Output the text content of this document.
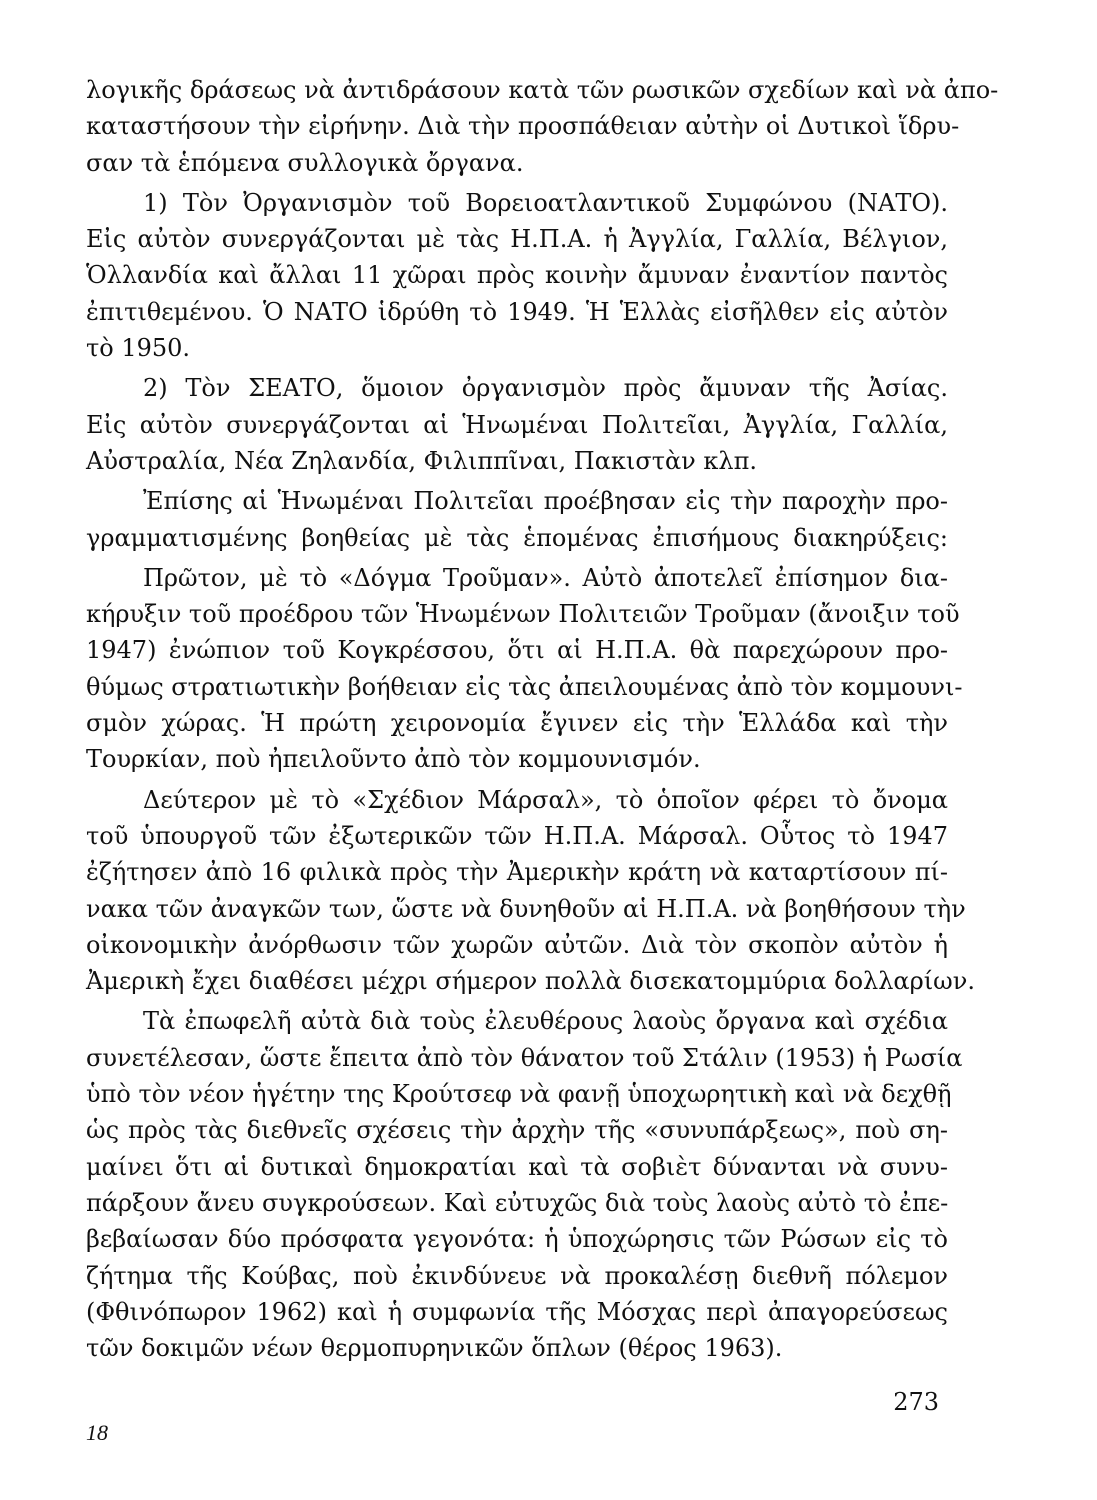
λογικῆς δράσεως νὰ ἀντιδράσουν κατὰ τῶν ρωσικῶν σχεδίων καὶ νὰ ἀπο-
καταστήσουν τὴν εἰρήνην. Διὰ τὴν προσπάθειαν αὐτὴν οἱ Δυτικοὶ ἵδρυ-
σαν τὰ ἑπόμενα συλλογικὰ ὄργανα.
1) Τὸν Ὀργανισμὸν τοῦ Βορειοατλαντικοῦ Συμφώνου (ΝΑΤΟ).
Εἰς αὐτὸν συνεργάζονται μὲ τὰς Η.Π.Α. ἡ Ἀγγλία, Γαλλία, Βέλγιον,
Ὁλλανδία καὶ ἄλλαι 11 χῶραι πρὸς κοινὴν ἄμυναν ἐναντίον παντὸς
ἐπιτιθεμένου. Ὁ ΝΑΤΟ ἱδρύθη τὸ 1949. Ἡ Ἑλλὰς εἰσῆλθεν εἰς αὐτὸν
τὸ 1950.
2) Τὸν ΣΕΑΤΟ, ὅμοιον ὀργανισμὸν πρὸς ἄμυναν τῆς Ἀσίας.
Εἰς αὐτὸν συνεργάζονται αἱ Ἡνωμέναι Πολιτεῖαι, Ἀγγλία, Γαλλία,
Αὐστραλία, Νέα Ζηλανδία, Φιλιππῖναι, Πακιστὰν κλπ.
Ἐπίσης αἱ Ἡνωμέναι Πολιτεῖαι προέβησαν εἰς τὴν παροχὴν προ-
γραμματισμένης βοηθείας μὲ τὰς ἑπομένας ἐπισήμους διακηρύξεις:
Πρῶτον, μὲ τὸ «Δόγμα Τροῦμαν». Αὐτὸ ἀποτελεῖ ἐπίσημον δια-
κήρυξιν τοῦ προέδρου τῶν Ἡνωμένων Πολιτειῶν Τροῦμαν (ἄνοιξιν τοῦ
1947) ἐνώπιον τοῦ Κογκρέσσου, ὅτι αἱ Η.Π.Α. θὰ παρεχώρουν προ-
θύμως στρατιωτικὴν βοήθειαν εἰς τὰς ἀπειλουμένας ἀπὸ τὸν κομμουνι-
σμὸν χώρας. Ἡ πρώτη χειρονομία ἔγινεν εἰς τὴν Ἑλλάδα καὶ τὴν
Τουρκίαν, ποὺ ἠπειλοῦντο ἀπὸ τὸν κομμουνισμόν.
Δεύτερον μὲ τὸ «Σχέδιον Μάρσαλ», τὸ ὁποῖον φέρει τὸ ὄνομα
τοῦ ὑπουργοῦ τῶν ἐξωτερικῶν τῶν Η.Π.Α. Μάρσαλ. Οὗτος τὸ 1947
ἐζήτησεν ἀπὸ 16 φιλικὰ πρὸς τὴν Ἀμερικὴν κράτη νὰ καταρτίσουν πί-
νακα τῶν ἀναγκῶν των, ὥστε νὰ δυνηθοῦν αἱ Η.Π.Α. νὰ βοηθήσουν τὴν
οἰκονομικὴν ἀνόρθωσιν τῶν χωρῶν αὐτῶν. Διὰ τὸν σκοπὸν αὐτὸν ἡ
Ἀμερικὴ ἔχει διαθέσει μέχρι σήμερον πολλὰ δισεκατομμύρια δολλαρίων.
Τὰ ἐπωφελῆ αὐτὰ διὰ τοὺς ἐλευθέρους λαοὺς ὄργανα καὶ σχέδια
συνετέλεσαν, ὥστε ἔπειτα ἀπὸ τὸν θάνατον τοῦ Στάλιν (1953) ἡ Ρωσία
ὑπὸ τὸν νέον ἡγέτην της Κρούτσεφ νὰ φανῇ ὑποχωρητικὴ καὶ νὰ δεχθῇ
ὡς πρὸς τὰς διεθνεῖς σχέσεις τὴν ἀρχὴν τῆς «συνυπάρξεως», ποὺ ση-
μαίνει ὅτι αἱ δυτικαὶ δημοκρατίαι καὶ τὰ σοβιὲτ δύνανται νὰ συνυ-
πάρξουν ἄνευ συγκρούσεων. Καὶ εὐτυχῶς διὰ τοὺς λαοὺς αὐτὸ τὸ ἐπε-
βεβαίωσαν δύο πρόσφατα γεγονότα: ἡ ὑποχώρησις τῶν Ρώσων εἰς τὸ
ζήτημα τῆς Κούβας, ποὺ ἐκινδύνευε νὰ προκαλέσῃ διεθνῆ πόλεμον
(Φθινόπωρον 1962) καὶ ἡ συμφωνία τῆς Μόσχας περὶ ἀπαγορεύσεως
τῶν δοκιμῶν νέων θερμοπυρηνικῶν ὅπλων (θέρος 1963).
18
273
